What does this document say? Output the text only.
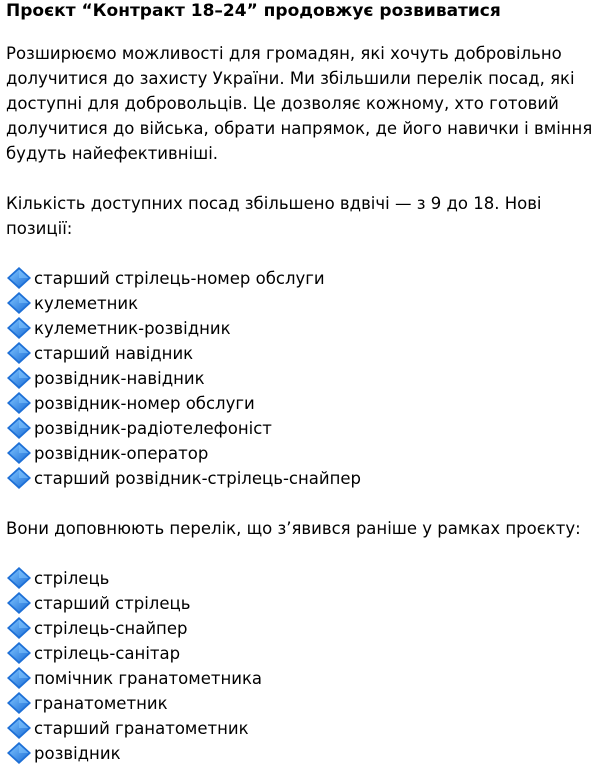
Проєкт “Контракт 18–24” продовжує розвиватися

Розширюємо можливості для громадян, які хочуть добровільно долучитися до захисту України. Ми збільшили перелік посад, які доступні для добровольців. Це дозволяє кожному, хто готовий долучитися до війська, обрати напрямок, де його навички і вміння будуть найефективніші.

Кількість доступних посад збільшено вдвічі — з 9 до 18. Нові позиції:

старший стрілець-номер обслуги
кулеметник
кулеметник-розвідник
старший навідник
розвідник-навідник
розвідник-номер обслуги
розвідник-радіотелефоніст
розвідник-оператор
старший розвідник-стрілець-снайпер

Вони доповнюють перелік, що з’явився раніше у рамках проєкту:

стрілець
старший стрілець
стрілець-снайпер
стрілець-санітар
помічник гранатометника
гранатометник
старший гранатометник
розвідник
